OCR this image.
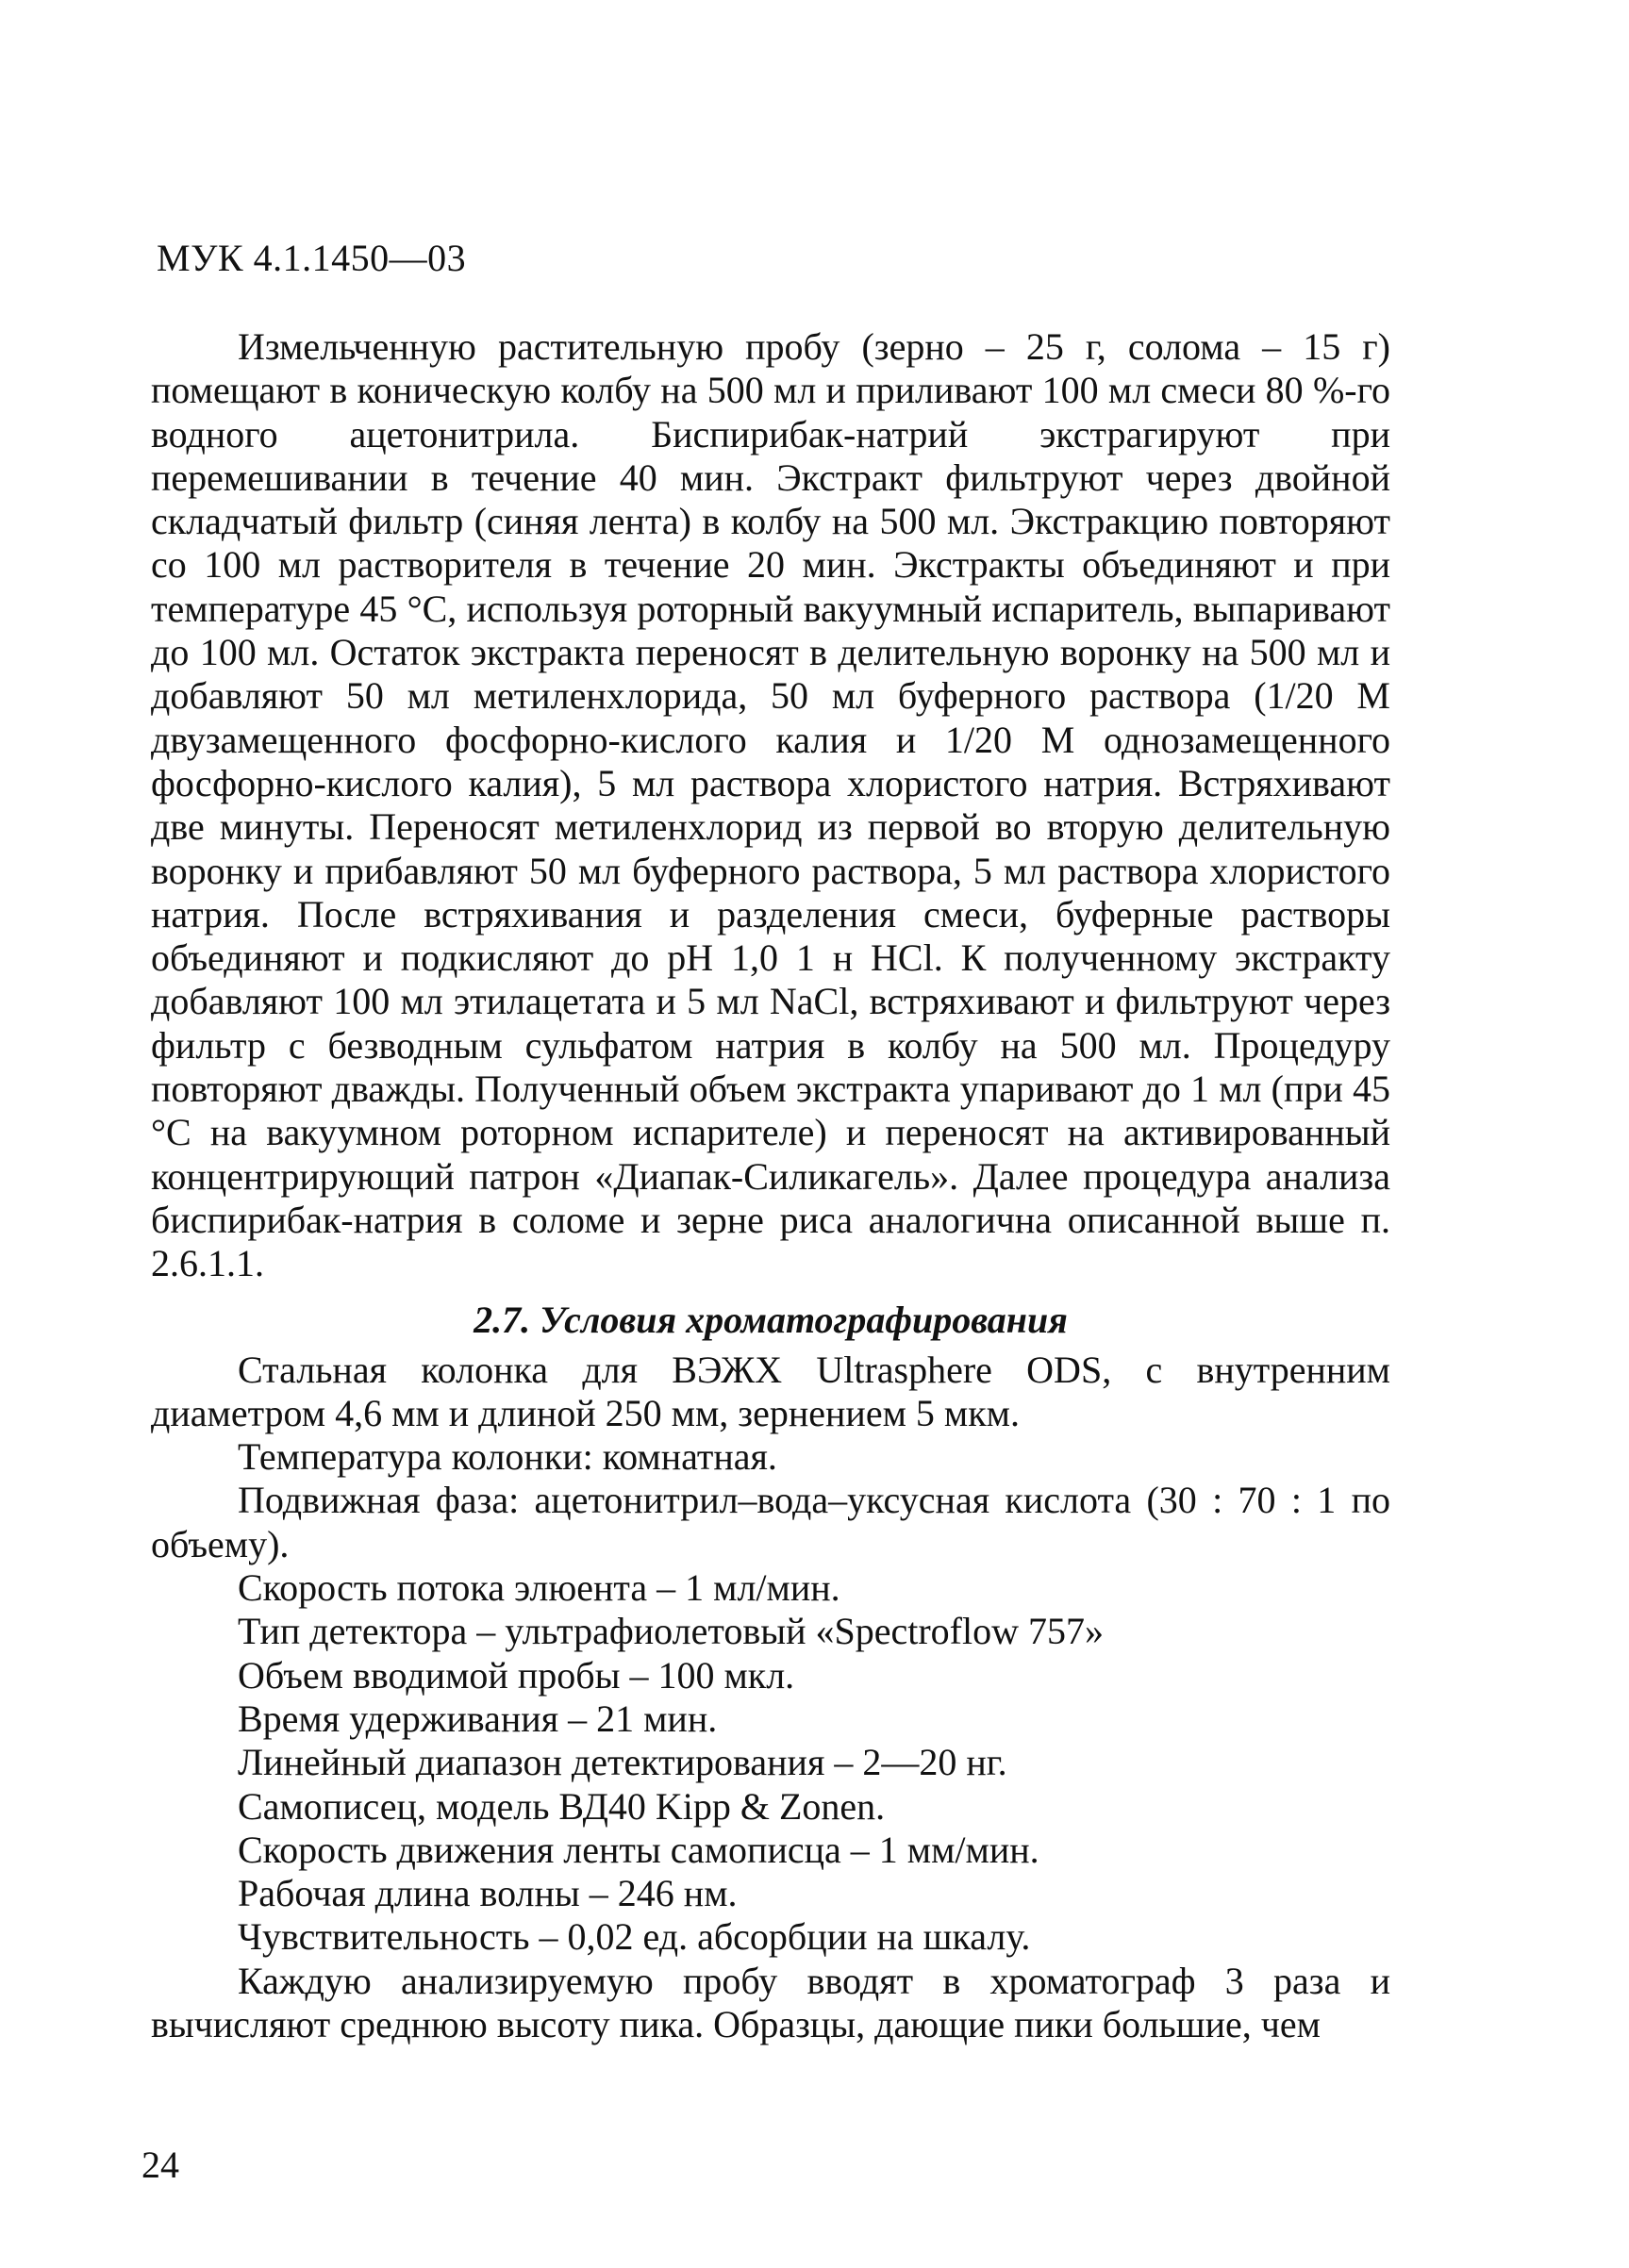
МУК 4.1.1450—03

Измельченную растительную пробу (зерно – 25 г, солома – 15 г) помещают в коническую колбу на 500 мл и приливают 100 мл смеси 80 %-го водного ацетонитрила. Биспирибак-натрий экстрагируют при перемешивании в течение 40 мин. Экстракт фильтруют через двойной складчатый фильтр (синяя лента) в колбу на 500 мл. Экстракцию повторяют со 100 мл растворителя в течение 20 мин. Экстракты объединяют и при температуре 45 °С, используя роторный вакуумный испаритель, выпаривают до 100 мл. Остаток экстракта переносят в делительную воронку на 500 мл и добавляют 50 мл метиленхлорида, 50 мл буферного раствора (1/20 М двузамещенного фосфорно-кислого калия и 1/20 М однозамещенного фосфорно-кислого калия), 5 мл раствора хлористого натрия. Встряхивают две минуты. Переносят метиленхлорид из первой во вторую делительную воронку и прибавляют 50 мл буферного раствора, 5 мл раствора хлористого натрия. После встряхивания и разделения смеси, буферные растворы объединяют и подкисляют до рН 1,0 1 н HCl. К полученному экстракту добавляют 100 мл этилацетата и 5 мл NaCl, встряхивают и фильтруют через фильтр с безводным сульфатом натрия в колбу на 500 мл. Процедуру повторяют дважды. Полученный объем экстракта упаривают до 1 мл (при 45 °С на вакуумном роторном испарителе) и переносят на активированный концентрирующий патрон «Диапак-Силикагель». Далее процедура анализа биспирибак-натрия в соломе и зерне риса аналогична описанной выше п. 2.6.1.1.

2.7. Условия хроматографирования

Стальная колонка для ВЭЖХ Ultrasphere ODS, с внутренним диаметром 4,6 мм и длиной 250 мм, зернением 5 мкм.

Температура колонки: комнатная.

Подвижная фаза: ацетонитрил–вода–уксусная кислота (30 : 70 : 1 по объему).

Скорость потока элюента – 1 мл/мин.

Тип детектора – ультрафиолетовый «Spectroflow 757»

Объем вводимой пробы – 100 мкл.

Время удерживания – 21 мин.

Линейный диапазон детектирования – 2—20 нг.

Самописец, модель ВД40 Kipp & Zonen.

Скорость движения ленты самописца – 1 мм/мин.

Рабочая длина волны – 246 нм.

Чувствительность – 0,02 ед. абсорбции на шкалу.

Каждую анализируемую пробу вводят в хроматограф 3 раза и вычисляют среднюю высоту пика. Образцы, дающие пики большие, чем

24
